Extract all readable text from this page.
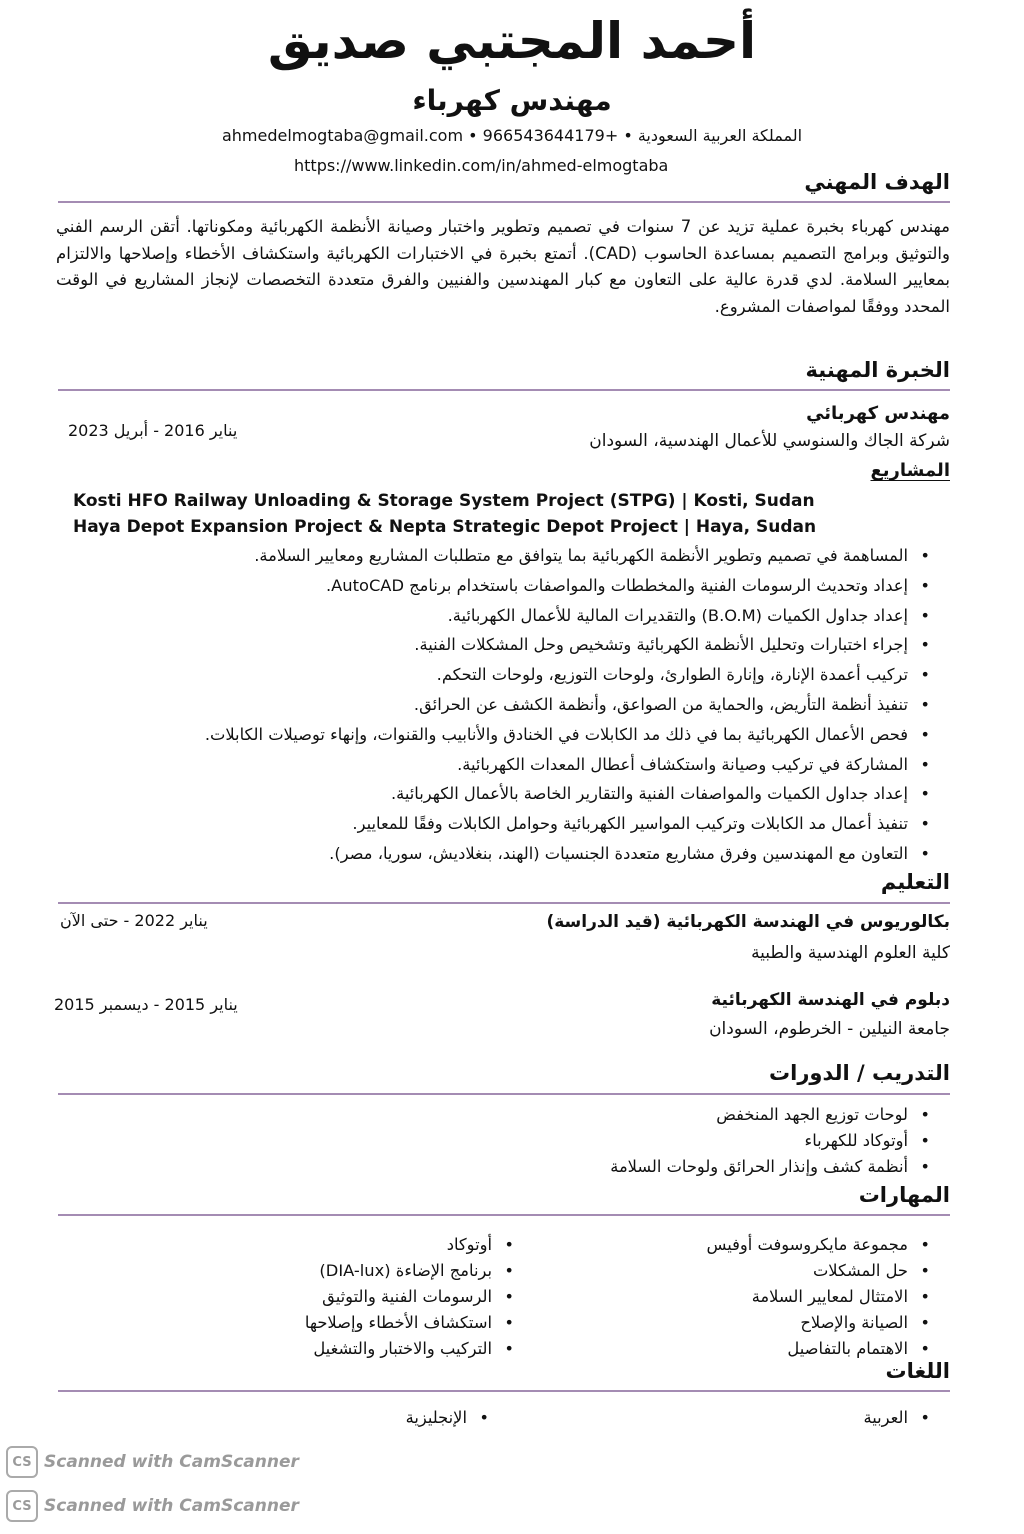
أحمد المجتبي صديق
مهندس كهرباء
المملكة العربية السعودية • +966543644179 • ahmedelmogtaba@gmail.com
https://www.linkedin.com/in/ahmed-elmogtaba
الهدف المهني
مهندس كهرباء بخبرة عملية تزيد عن 7 سنوات في تصميم وتطوير واختبار وصيانة الأنظمة الكهربائية ومكوناتها. أتقن الرسم الفني والتوثيق وبرامج التصميم بمساعدة الحاسوب (CAD). أتمتع بخبرة في الاختبارات الكهربائية واستكشاف الأخطاء وإصلاحها والالتزام بمعايير السلامة. لدي قدرة عالية على التعاون مع كبار المهندسين والفنيين والفرق متعددة التخصصات لإنجاز المشاريع في الوقت المحدد ووفقًا لمواصفات المشروع.
الخبرة المهنية
مهندس كهربائي
شركة الجاك والسنوسي للأعمال الهندسية، السودان
يناير 2016 - أبريل 2023
المشاريع
Kosti HFO Railway Unloading & Storage System Project (STPG) | Kosti, Sudan
Haya Depot Expansion Project & Nepta Strategic Depot Project | Haya, Sudan
• المساهمة في تصميم وتطوير الأنظمة الكهربائية بما يتوافق مع متطلبات المشاريع ومعايير السلامة.
• إعداد وتحديث الرسومات الفنية والمخططات والمواصفات باستخدام برنامج AutoCAD.
• إعداد جداول الكميات (B.O.M) والتقديرات المالية للأعمال الكهربائية.
• إجراء اختبارات وتحليل الأنظمة الكهربائية وتشخيص وحل المشكلات الفنية.
• تركيب أعمدة الإنارة، وإنارة الطوارئ، ولوحات التوزيع، ولوحات التحكم.
• تنفيذ أنظمة التأريض، والحماية من الصواعق، وأنظمة الكشف عن الحرائق.
• فحص الأعمال الكهربائية بما في ذلك مد الكابلات في الخنادق والأنابيب والقنوات، وإنهاء توصيلات الكابلات.
• المشاركة في تركيب وصيانة واستكشاف أعطال المعدات الكهربائية.
• إعداد جداول الكميات والمواصفات الفنية والتقارير الخاصة بالأعمال الكهربائية.
• تنفيذ أعمال مد الكابلات وتركيب المواسير الكهربائية وحوامل الكابلات وفقًا للمعايير.
• التعاون مع المهندسين وفرق مشاريع متعددة الجنسيات (الهند، بنغلاديش، سوريا، مصر).
التعليم
بكالوريوس في الهندسة الكهربائية (قيد الدراسة)
كلية العلوم الهندسية والطبية
يناير 2022 - حتى الآن
دبلوم في الهندسة الكهربائية
جامعة النيلين - الخرطوم، السودان
يناير 2015 - ديسمبر 2015
التدريب / الدورات
• لوحات توزيع الجهد المنخفض
• أوتوكاد للكهرباء
• أنظمة كشف وإنذار الحرائق ولوحات السلامة
المهارات
• مجموعة مايكروسوفت أوفيس
• حل المشكلات
• الامتثال لمعايير السلامة
• الصيانة والإصلاح
• الاهتمام بالتفاصيل
• أوتوكاد
• برنامج الإضاءة (DIA-lux)
• الرسومات الفنية والتوثيق
• استكشاف الأخطاء وإصلاحها
• التركيب والاختبار والتشغيل
اللغات
• العربية
• الإنجليزية
CS Scanned with CamScanner
CS Scanned with CamScanner
